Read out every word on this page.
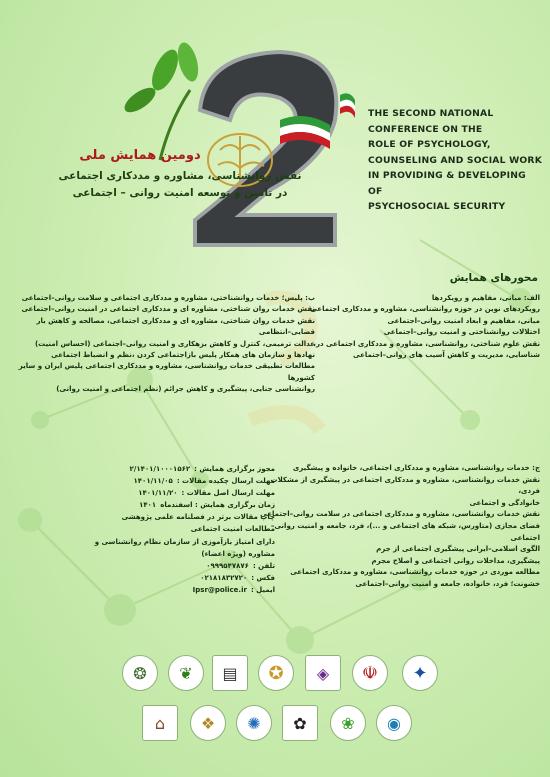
دومین همایش ملی
نقش روانشناسی، مشاوره و مددکاری اجتماعی
در تامین و توسعه امنیت روانی – اجتماعی
THE SECOND NATIONAL
CONFERENCE ON THE
ROLE OF PSYCHOLOGY,
COUNSELING AND SOCIAL WORK
IN PROVIDING & DEVELOPING OF
PSYCHOSOCIAL SECURITY
محورهای همایش
الف: مبانی، مفاهیم و رویکردها
رویکردهای نوین در حوزه روانشناسی، مشاوره و مددکاری اجتماعی
مبانی، مفاهیم و ابعاد امنیت روانی–اجتماعی
اختلالات روانشناختی و امنیت روانی–اجتماعی
نقش علوم شناختی، روانشناسی، مشاوره و مددکاری اجتماعی در،
شناسایی، مدیریت و کاهش آسیب های روانی–اجتماعی
ب: پلیس؛ خدمات روانشناختی، مشاوره و مددکاری اجتماعی و سلامت روانی–اجتماعی
نقش خدمات روان شناختی، مشاوره ای و مددکاری اجتماعی در امنیت روانی–اجتماعی
نقش خدمات روان شناختی، مشاوره ای و مددکاری اجتماعی، مصالحه و کاهش بار قضایی–انتظامی
عدالت ترمیمی، کنترل و کاهش بزهکاری و امنیت روانی–اجتماعی (احساس امنیت)
نهادها و سازمان های همکار پلیس بازاجتماعی کردن ،نظم و انضباط اجتماعی
مطالعات تطبیقی خدمات روانشناسی، مشاوره و مددکاری اجتماعی پلیس ایران و سایر کشورها
روانشناسی جنایی، پیشگیری و کاهش جرائم (نظم اجتماعی و امنیت روانی)
ج: خدمات روانشناسی، مشاوره و مددکاری اجتماعی، خانواده و پیشگیری
نقش خدمات روانشناسی، مشاوره و مددکاری اجتماعی در پیشگیری از مشکلات فردی،
خانوادگی و اجتماعی
نقش خدمات روانشناسی، مشاوره و مددکاری اجتماعی در سلامت روانی–اجتماعی
فضای مجازی (متاورس، شبکه های اجتماعی و ...)، فرد، جامعه و امنیت روانی–اجتماعی
الگوی اسلامی–ایرانی پیشگیری اجتماعی از جرم
پیشگیری، مداخلات روانی اجتماعی و اصلاح مجرم
مطالعه موردی در حوزه خدمات روانشناسی، مشاوره و مددکاری اجتماعی
خشونت؛ فرد، خانواده، جامعه و امنیت روانی–اجتماعی
مجوز برگزاری همایش :
۲/۱۴۰۱/۱۰۰۰۱۵۶۲
مهلت ارسال چکیده مقالات :
۱۴۰۱/۱۱/۰۵
مهلت ارسال اصل مقالات :
۱۴۰۱/۱۱/۲۰
زمان برگزاری همایش : اسفندماه
۱۴۰۱
چاپ مقالات برتر در فصلنامه علمی پژوهشی مطالعات امنیت اجتماعی
دارای امتیاز بازآموزی از سازمان نظام روانشناسی و مشاوره (ویژه اعضاء)
تلفن :
۰۹۹۹۵۴۷۸۷۶
فکس :
۰۲۱۸۱۸۳۲۷۲۰
ایمیل :
Ipsr@police.ir
✦
☫
◈
✪
▤
❦
❂
◉
❀
✿
✺
❖
⌂
